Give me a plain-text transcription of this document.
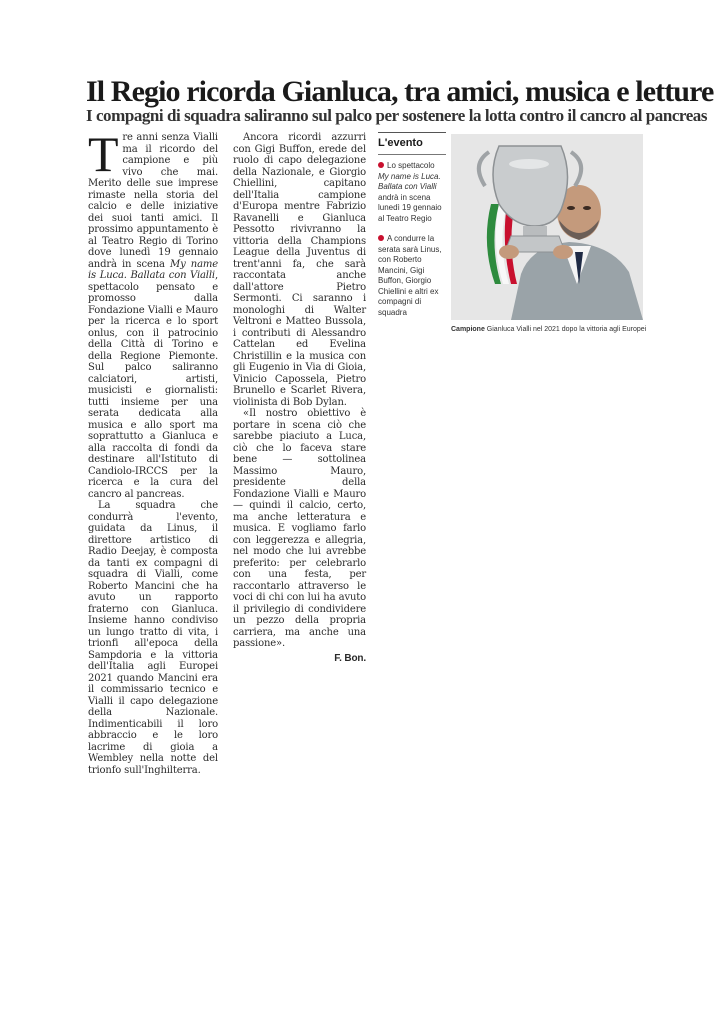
Il Regio ricorda Gianluca, tra amici, musica e letture
I compagni di squadra saliranno sul palco per sostenere la lotta contro il cancro al pancreas

Tre anni senza Vialli ma il ricordo del campione e più vivo che mai. Merito delle sue imprese rimaste nella storia del calcio e delle iniziative dei suoi tanti amici. Il prossimo appuntamento è al Teatro Regio di Torino dove lunedì 19 gennaio andrà in scena My name is Luca. Ballata con Vialli, spettacolo pensato e promosso dalla Fondazione Vialli e Mauro per la ricerca e lo sport onlus, con il patrocinio della Città di Torino e della Regione Piemonte. Sul palco saliranno calciatori, artisti, musicisti e giornalisti: tutti insieme per una serata dedicata alla musica e allo sport ma soprattutto a Gianluca e alla raccolta di fondi da destinare all'Istituto di Candiolo-IRCCS per la ricerca e la cura del cancro al pancreas.

La squadra che condurrà l'evento, guidata da Linus, il direttore artistico di Radio Deejay, è composta da tanti ex compagni di squadra di Vialli, come Roberto Mancini che ha avuto un rapporto fraterno con Gianluca. Insieme hanno condiviso un lungo tratto di vita, i trionfi all'epoca della Sampdoria e la vittoria dell'Italia agli Europei 2021 quando Mancini era il commissario tecnico e Vialli il capo delegazione della Nazionale. Indimenticabili il loro abbraccio e le loro lacrime di gioia a Wembley nella notte del trionfo sull'Inghilterra.

Ancora ricordi azzurri con Gigi Buffon, erede del ruolo di capo delegazione della Nazionale, e Giorgio Chiellini, capitano dell'Italia campione d'Europa mentre Fabrizio Ravanelli e Gianluca Pessotto rivivranno la vittoria della Champions League della Juventus di trent'anni fa, che sarà raccontata anche dall'attore Pietro Sermonti. Ci saranno i monologhi di Walter Veltroni e Matteo Bussola, i contributi di Alessandro Cattelan ed Evelina Christillin e la musica con gli Eugenio in Via di Gioia, Vinicio Capossela, Pietro Brunello e Scarlet Rivera, violinista di Bob Dylan.

«Il nostro obiettivo è portare in scena ciò che sarebbe piaciuto a Luca, ciò che lo faceva stare bene — sottolinea Massimo Mauro, presidente della Fondazione Vialli e Mauro — quindi il calcio, certo, ma anche letteratura e musica. E vogliamo farlo con leggerezza e allegria, nel modo che lui avrebbe preferito: per celebrarlo con una festa, per raccontarlo attraverso le voci di chi con lui ha avuto il privilegio di condividere un pezzo della propria carriera, ma anche una passione».

F. Bon.
L'evento
Lo spettacolo My name is Luca. Ballata con Vialli andrà in scena lunedì 19 gennaio al Teatro Regio
A condurre la serata sarà Linus, con Roberto Mancini, Gigi Buffon, Giorgio Chiellini e altri ex compagni di squadra
Campione Gianluca Vialli nel 2021 dopo la vittoria agli Europei
